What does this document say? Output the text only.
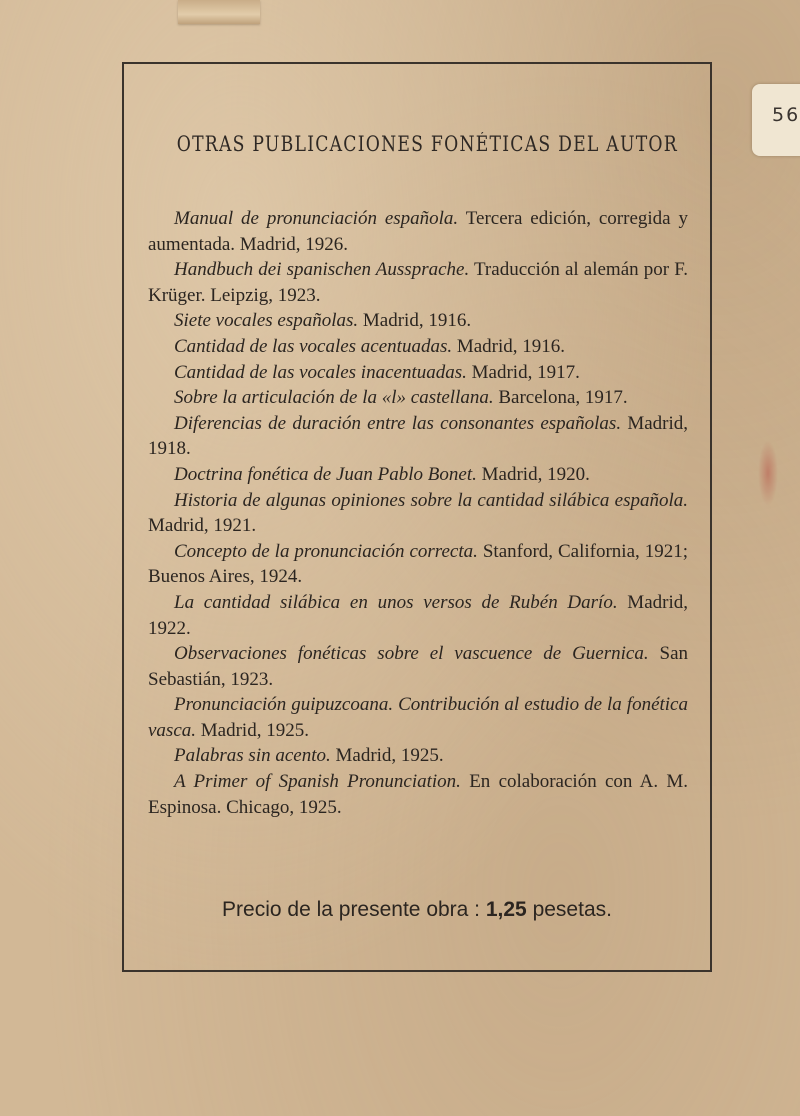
56
OTRAS PUBLICACIONES FONÉTICAS DEL AUTOR
Manual de pronunciación española. Tercera edición, corregida y aumentada. Madrid, 1926.
Handbuch dei spanischen Aussprache. Traducción al alemán por F. Krüger. Leipzig, 1923.
Siete vocales españolas. Madrid, 1916.
Cantidad de las vocales acentuadas. Madrid, 1916.
Cantidad de las vocales inacentuadas. Madrid, 1917.
Sobre la articulación de la «l» castellana. Barcelona, 1917.
Diferencias de duración entre las consonantes españolas. Madrid, 1918.
Doctrina fonética de Juan Pablo Bonet. Madrid, 1920.
Historia de algunas opiniones sobre la cantidad silábica española. Madrid, 1921.
Concepto de la pronunciación correcta. Stanford, California, 1921; Buenos Aires, 1924.
La cantidad silábica en unos versos de Rubén Darío. Madrid, 1922.
Observaciones fonéticas sobre el vascuence de Guernica. San Sebastián, 1923.
Pronunciación guipuzcoana. Contribución al estudio de la fonética vasca. Madrid, 1925.
Palabras sin acento. Madrid, 1925.
A Primer of Spanish Pronunciation. En colaboración con A. M. Espinosa. Chicago, 1925.
Precio de la presente obra : 1,25 pesetas.
